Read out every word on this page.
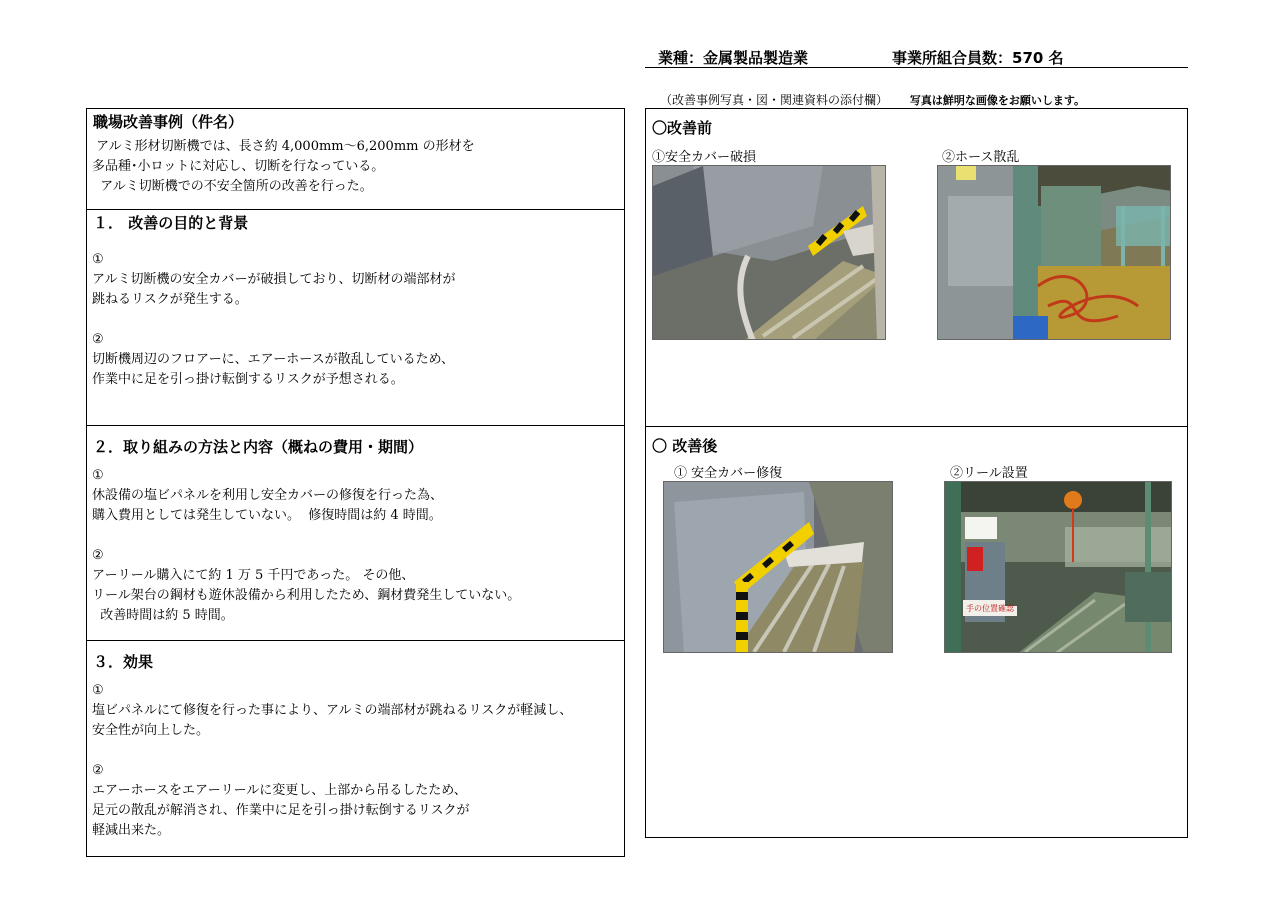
業種：金属製品製造業	事業所組合員数：570 名
（改善事例写真・図・関連資料の添付欄） 写真は鮮明な画像をお願いします。
職場改善事例（件名）
アルミ形材切断機では、長さ約 4,000mm～6,200mm の形材を
多品種･小ロットに対応し、切断を行なっている。
アルミ切断機での不安全箇所の改善を行った。
１． 改善の目的と背景
①
アルミ切断機の安全カバーが破損しており、切断材の端部材が
跳ねるリスクが発生する。

②
切断機周辺のフロアーに、エアーホースが散乱しているため、
作業中に足を引っ掛け転倒するリスクが予想される。
２．取り組みの方法と内容（概ねの費用・期間）
①
休設備の塩ビパネルを利用し安全カバーの修復を行った為、
購入費用としては発生していない。  修復時間は約 4 時間。

②
アーリール購入にて約 1 万 5 千円であった。 その他、
リール架台の鋼材も遊休設備から利用したため、鋼材費発生していない。
改善時間は約 5 時間。
３．効果
①
塩ビパネルにて修復を行った事により、アルミの端部材が跳ねるリスクが軽減し、
安全性が向上した。

②
エアーホースをエアーリールに変更し、上部から吊るしたため、
足元の散乱が解消され、作業中に足を引っ掛け転倒するリスクが
軽減出来た。
〇改善前
①安全カバー破損	②ホース散乱
〇 改善後
① 安全カバー修復	②リール設置
手の位置確認
